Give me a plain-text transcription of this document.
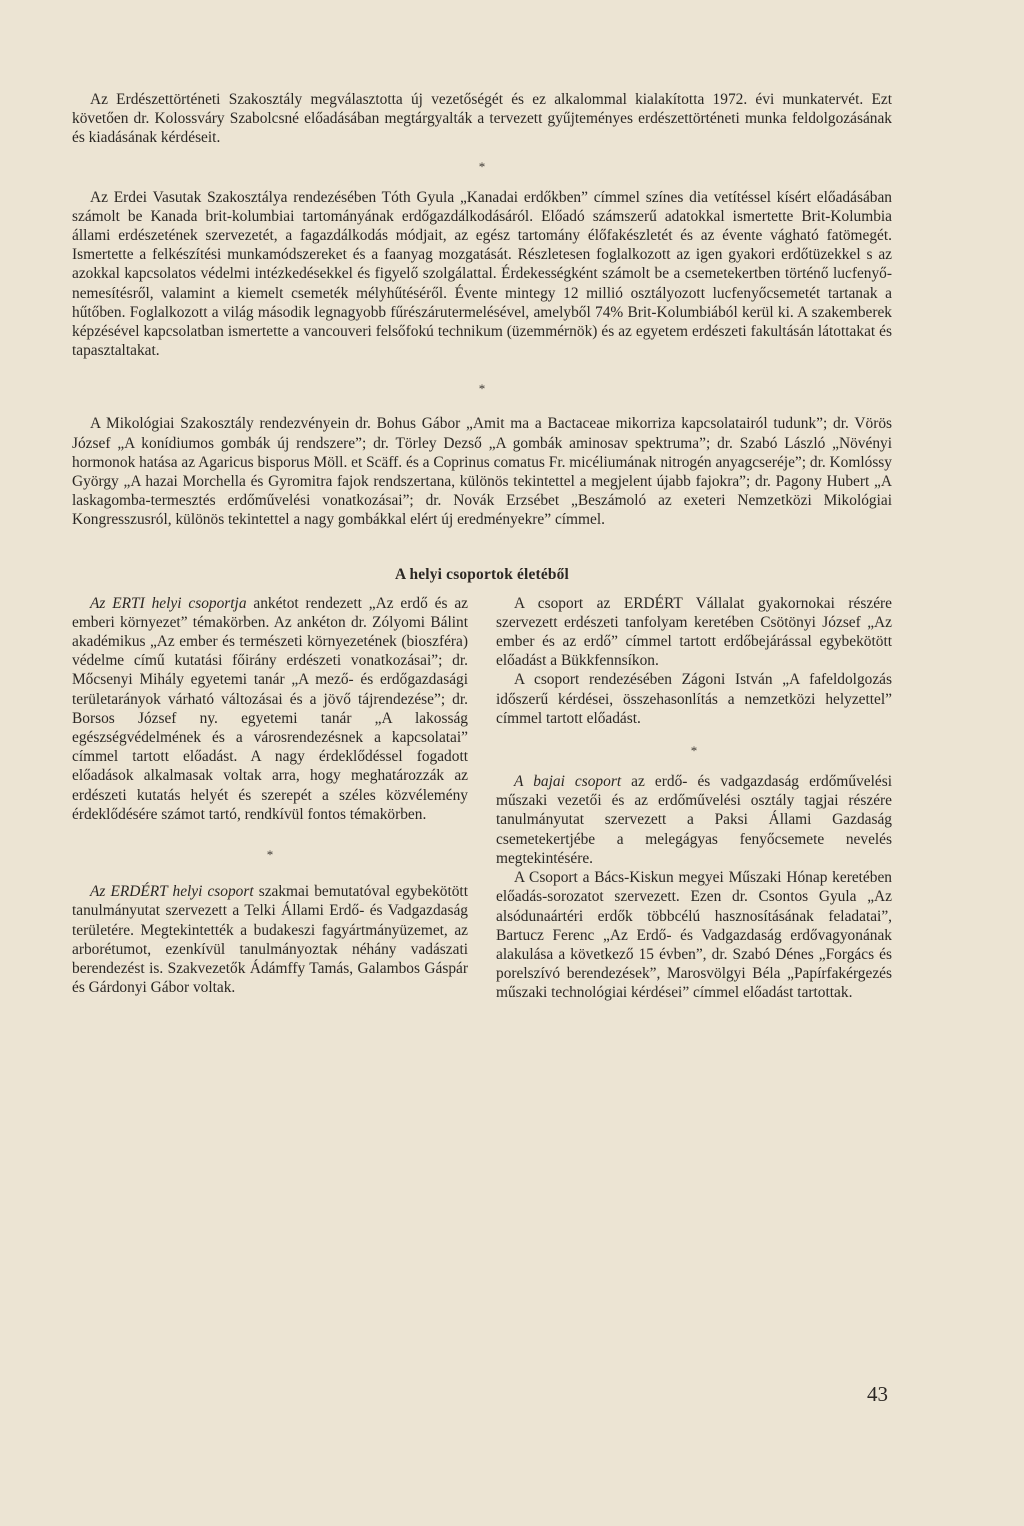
Az Erdészettörténeti Szakosztály megválasztotta új vezetőségét és ez alkalommal kialakította 1972. évi munkatervét. Ezt követően dr. Kolossváry Szabolcsné előadásában megtárgyalták a tervezett gyűjteményes erdészettörténeti munka feldolgozásának és kiadásának kérdéseit.

*

Az Erdei Vasutak Szakosztálya rendezésében Tóth Gyula „Kanadai erdőkben” címmel színes dia vetítéssel kísért előadásában számolt be Kanada brit-kolumbiai tartományának erdőgazdálkodásáról. Előadó számszerű adatokkal ismertette Brit-Kolumbia állami erdészetének szervezetét, a fagazdálkodás módjait, az egész tartomány élőfakészletét és az évente vágható fatömegét. Ismertette a felkészítési munkamódszereket és a faanyag mozgatását. Részletesen foglalkozott az igen gyakori erdőtüzekkel s az azokkal kapcsolatos védelmi intézkedésekkel és figyelő szolgálattal. Érdekességként számolt be a csemetekertben történő lucfenyő-nemesítésről, valamint a kiemelt csemeték mélyhűtéséről. Évente mintegy 12 millió osztályozott lucfenyőcsemetét tartanak a hűtőben. Foglalkozott a világ második legnagyobb fűrészárutermelésével, amelyből 74% Brit-Kolumbiából kerül ki. A szakemberek képzésével kapcsolatban ismertette a vancouveri felsőfokú technikum (üzemmérnök) és az egyetem erdészeti fakultásán látottakat és tapasztaltakat.

*

A Mikológiai Szakosztály rendezvényein dr. Bohus Gábor „Amit ma a Bactaceae mikorriza kapcsolatairól tudunk”; dr. Vörös József „A konídiumos gombák új rendszere”; dr. Törley Dezső „A gombák aminosav spektruma”; dr. Szabó László „Növényi hormonok hatása az Agaricus bisporus Möll. et Scäff. és a Coprinus comatus Fr. micéliumának nitrogén anyagcseréje”; dr. Komlóssy György „A hazai Morchella és Gyromitra fajok rendszertana, különös tekintettel a megjelent újabb fajokra”; dr. Pagony Hubert „A laskagomba-termesztés erdőművelési vonatkozásai”; dr. Novák Erzsébet „Beszámoló az exeteri Nemzetközi Mikológiai Kongresszusról, különös tekintettel a nagy gombákkal elért új eredményekre” címmel.

A helyi csoportok életéből

Az ERTI helyi csoportja ankétot rendezett „Az erdő és az emberi környezet” témakörben. Az ankéton dr. Zólyomi Bálint akadémikus „Az ember és természeti környezetének (bioszféra) védelme című kutatási főirány erdészeti vonatkozásai”; dr. Mőcsenyi Mihály egyetemi tanár „A mező- és erdőgazdasági területarányok várható változásai és a jövő tájrendezése”; dr. Borsos József ny. egyetemi tanár „A lakosság egészségvédelmének és a városrendezésnek a kapcsolatai” címmel tartott előadást. A nagy érdeklődéssel fogadott előadások alkalmasak voltak arra, hogy meghatározzák az erdészeti kutatás helyét és szerepét a széles közvélemény érdeklődésére számot tartó, rendkívül fontos témakörben.

*

Az ERDÉRT helyi csoport szakmai bemutatóval egybekötött tanulmányutat szervezett a Telki Állami Erdő- és Vadgazdaság területére. Megtekintették a budakeszi fagyártmányüzemet, az arborétumot, ezenkívül tanulmányoztak néhány vadászati berendezést is. Szakvezetők Ádámffy Tamás, Galambos Gáspár és Gárdonyi Gábor voltak.

A csoport az ERDÉRT Vállalat gyakornokai részére szervezett erdészeti tanfolyam keretében Csötönyi József „Az ember és az erdő” címmel tartott erdőbejárással egybekötött előadást a Bükkfennsíkon.

A csoport rendezésében Zágoni István „A fafeldolgozás időszerű kérdései, összehasonlítás a nemzetközi helyzettel” címmel tartott előadást.

*

A bajai csoport az erdő- és vadgazdaság erdőművelési műszaki vezetői és az erdőművelési osztály tagjai részére tanulmányutat szervezett a Paksi Állami Gazdaság csemetekertjébe a melegágyas fenyőcsemete nevelés megtekintésére.

A Csoport a Bács-Kiskun megyei Műszaki Hónap keretében előadás-sorozatot szervezett. Ezen dr. Csontos Gyula „Az alsódunaártéri erdők többcélú hasznosításának feladatai”, Bartucz Ferenc „Az Erdő- és Vadgazdaság erdővagyonának alakulása a következő 15 évben”, dr. Szabó Dénes „Forgács és porelszívó berendezések”, Marosvölgyi Béla „Papírfakérgezés műszaki technológiai kérdései” címmel előadást tartottak.

43
